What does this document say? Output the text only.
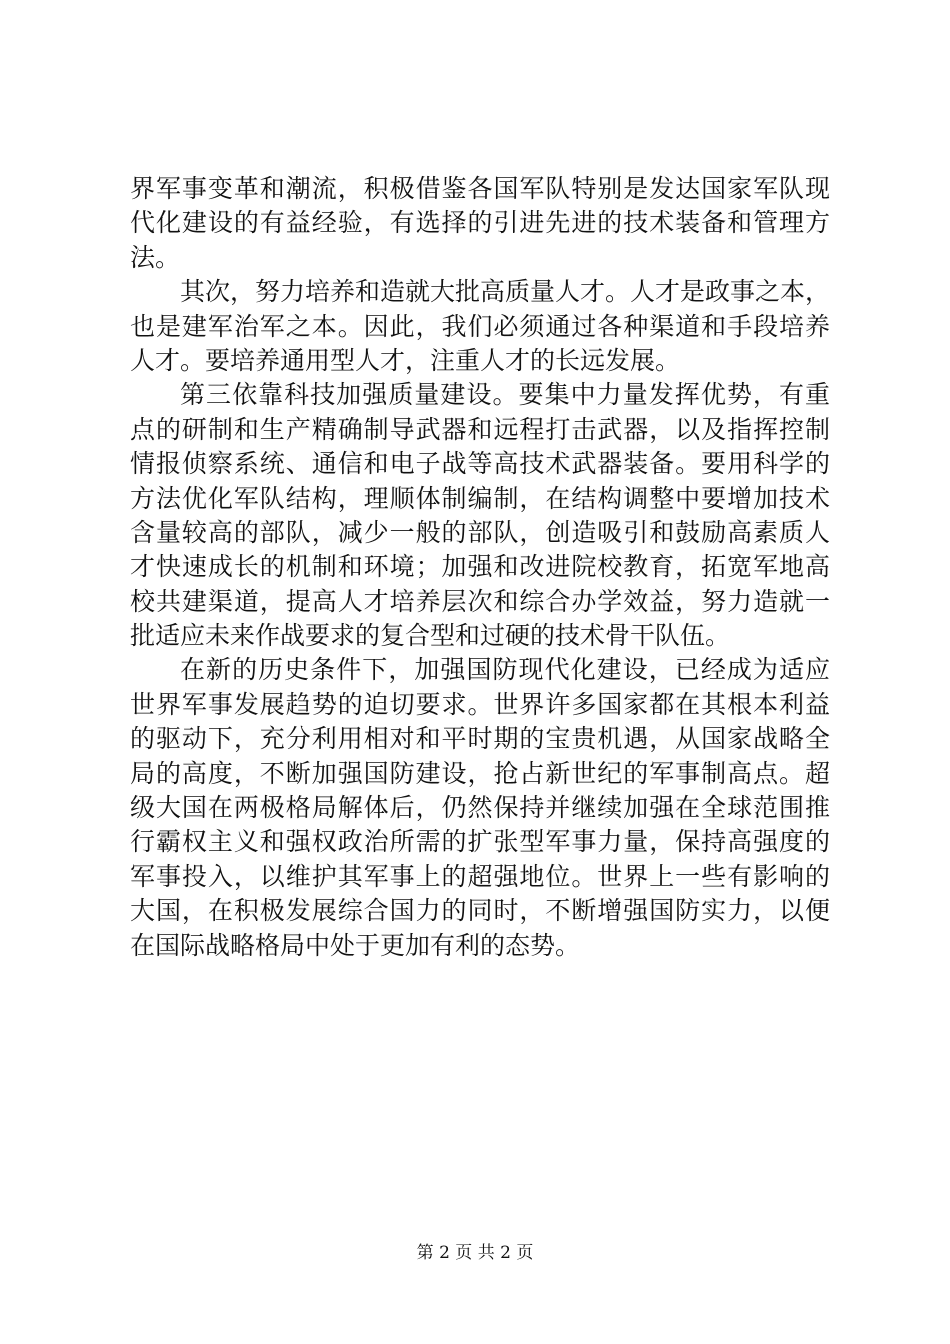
界军事变革和潮流，积极借鉴各国军队特别是发达国家军队现
代化建设的有益经验，有选择的引进先进的技术装备和管理方
法。
其次，努力培养和造就大批高质量人才。人才是政事之本，
也是建军治军之本。因此，我们必须通过各种渠道和手段培养
人才。要培养通用型人才，注重人才的长远发展。
第三依靠科技加强质量建设。要集中力量发挥优势，有重
点的研制和生产精确制导武器和远程打击武器，以及指挥控制
情报侦察系统、通信和电子战等高技术武器装备。要用科学的
方法优化军队结构，理顺体制编制，在结构调整中要增加技术
含量较高的部队，减少一般的部队，创造吸引和鼓励高素质人
才快速成长的机制和环境；加强和改进院校教育，拓宽军地高
校共建渠道，提高人才培养层次和综合办学效益，努力造就一
批适应未来作战要求的复合型和过硬的技术骨干队伍。
在新的历史条件下，加强国防现代化建设，已经成为适应
世界军事发展趋势的迫切要求。世界许多国家都在其根本利益
的驱动下，充分利用相对和平时期的宝贵机遇，从国家战略全
局的高度，不断加强国防建设，抢占新世纪的军事制高点。超
级大国在两极格局解体后，仍然保持并继续加强在全球范围推
行霸权主义和强权政治所需的扩张型军事力量，保持高强度的
军事投入，以维护其军事上的超强地位。世界上一些有影响的
大国，在积极发展综合国力的同时，不断增强国防实力，以便
在国际战略格局中处于更加有利的态势。
第 2 页 共 2 页
